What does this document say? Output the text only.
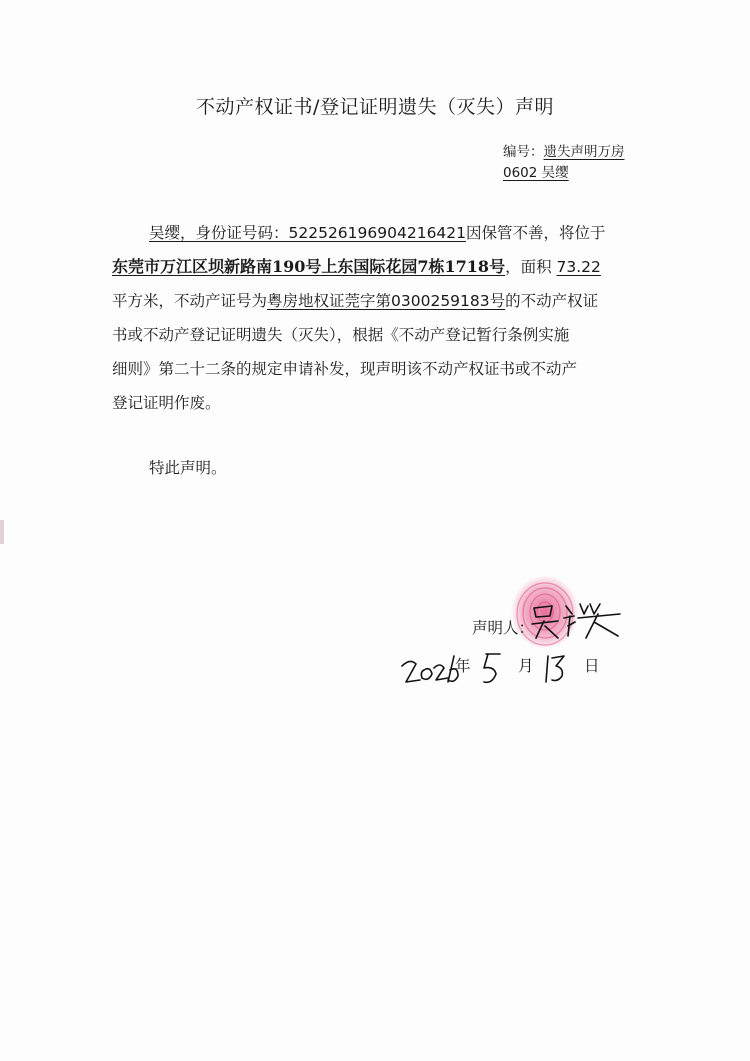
不动产权证书/登记证明遗失（灭失）声明
编号：遗失声明万房
0602 吴缨
吴缨，身份证号码：522526196904216421因保管不善，将位于
东莞市万江区坝新路南190号上东国际花园7栋1718号，面积 73.22
平方米，不动产证号为粤房地权证莞字第0300259183号的不动产权证
书或不动产登记证明遗失（灭失），根据《不动产登记暂行条例实施
细则》第二十二条的规定申请补发，现声明该不动产权证书或不动产
登记证明作废。
特此声明。
声明人：
年	月	日
